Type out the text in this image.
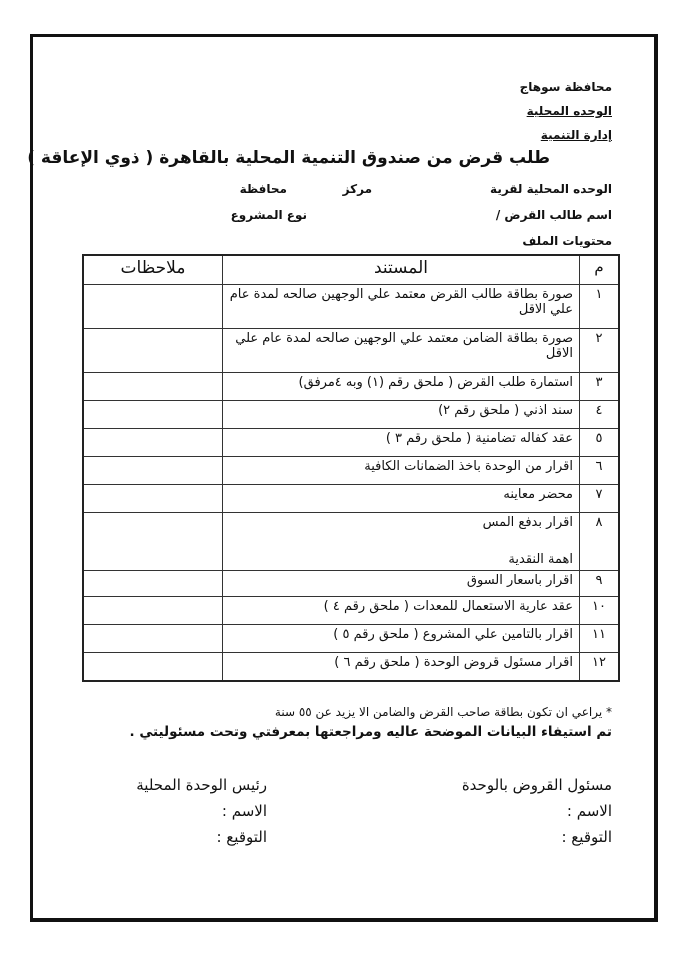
محافظة سوهاج
الوحده المحلية
إدارة التنمية
طلب قرض من صندوق التنمية المحلية بالقاهرة ( ذوي الإعاقة )
الوحده المحلية لقرية
مركز
محافظة
اسم طالب القرض /
نوع المشروع
محتويات الملف
م	المستند	ملاحظات
١	صورة بطاقة طالب القرض معتمد علي الوجهين صالحه لمدة عام علي الاقل	

٢	صورة بطاقة الضامن معتمد علي الوجهين صالحه لمدة عام علي الاقل	

٣	استمارة طلب القرض ( ملحق رقم (١) وبه ٤مرفق)	

٤	سند اذني ( ملحق رقم ٢)	

٥	عقد كفاله تضامنية ( ملحق رقم ٣ )	

٦	اقرار من الوحدة باخذ الضمانات الكافية	

٧	محضر معاينه	

٨	اقرار بدفع المس
اهمة النقدية	

٩	اقرار باسعار السوق	

١٠	عقد عارية الاستعمال للمعدات ( ملحق رقم ٤ )	

١١	اقرار بالتامين علي المشروع ( ملحق رقم ٥ )	

١٢	اقرار مسئول قروض الوحدة ( ملحق رقم ٦ )	

* يراعي ان تكون بطاقة صاحب القرض والضامن الا يزيد عن ٥٥ سنة
تم استيفاء البيانات الموضحة عاليه ومراجعتها بمعرفتي وتحت مسئوليتي .
مسئول القروض بالوحدة
الاسم :
التوقيع :
رئيس الوحدة المحلية
الاسم :
التوقيع :
